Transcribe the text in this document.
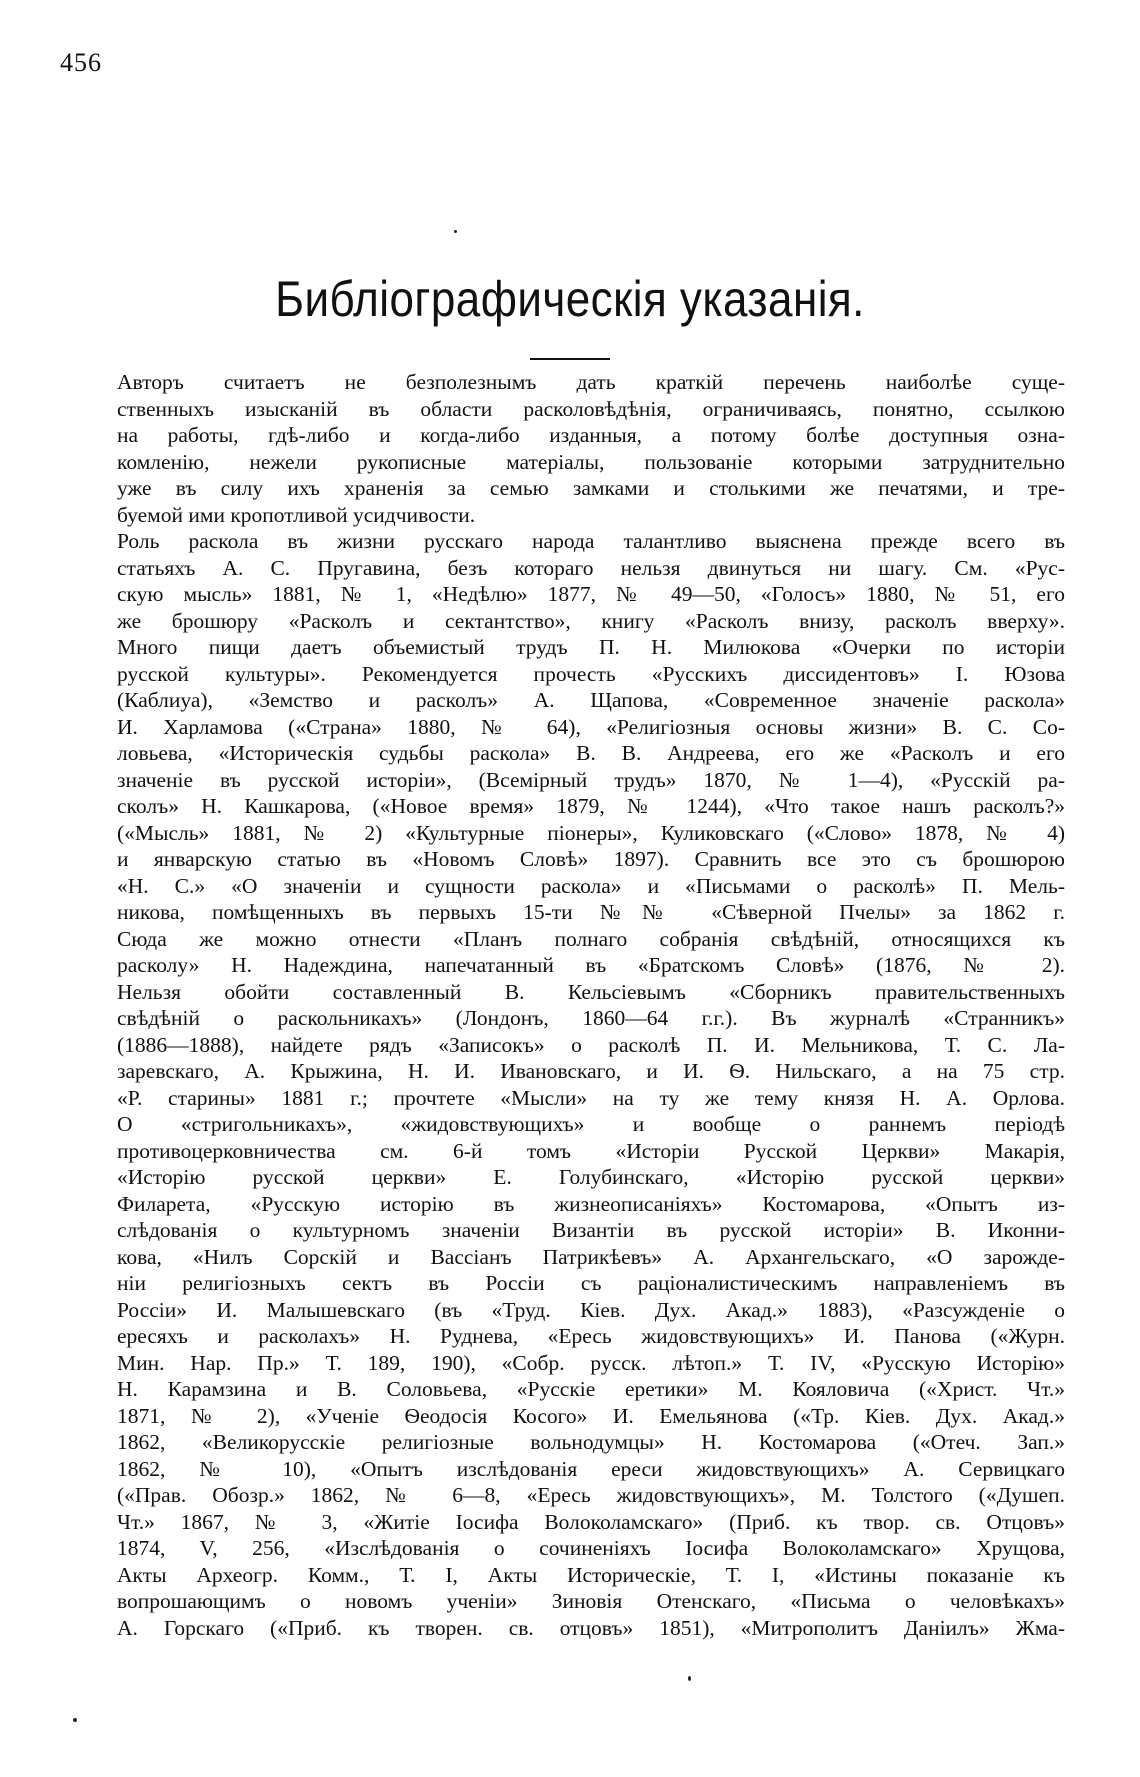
456
Библіографическія указанія.
Авторъ считаетъ не безполезнымъ дать краткій перечень наиболѣе суще-
ственныхъ изысканій въ области расколовѣдѣнія, ограничиваясь, понятно, ссылкою
на работы, гдѣ-либо и когда-либо изданныя, а потому болѣе доступныя озна-
комленію, нежели рукописные матеріалы, пользованіе которыми затруднительно
уже въ силу ихъ храненія за семью замками и столькими же печатями, и тре-
буемой ими кропотливой усидчивости.
Роль раскола въ жизни русскаго народа талантливо выяснена прежде всего въ
статьяхъ А. С. Пругавина, безъ котораго нельзя двинуться ни шагу. См. «Рус-
скую мысль» 1881, № 1, «Недѣлю» 1877, № 49—50, «Голосъ» 1880, № 51, его
же брошюру «Расколъ и сектантство», книгу «Расколъ внизу, расколъ вверху».
Много пищи даетъ объемистый трудъ П. Н. Милюкова «Очерки по исторіи
русской культуры». Рекомендуется прочесть «Русскихъ диссидентовъ» І. Юзова
(Каблиуа), «Земство и расколъ» А. Щапова, «Современное значеніе раскола»
И. Харламова («Страна» 1880, № 64), «Религіозныя основы жизни» В. С. Со-
ловьева, «Историческія судьбы раскола» В. В. Андреева, его же «Расколъ и его
значеніе въ русской исторіи», (Всемірный трудъ» 1870, № 1—4), «Русскій ра-
сколъ» Н. Кашкарова, («Новое время» 1879, № 1244), «Что такое нашъ расколъ?»
(«Мысль» 1881, № 2) «Культурные піонеры», Куликовскаго («Слово» 1878, № 4)
и январскую статью въ «Новомъ Словѣ» 1897). Сравнить все это съ брошюрою
«Н. С.» «О значеніи и сущности раскола» и «Письмами о расколѣ» П. Мель-
никова, помѣщенныхъ въ первыхъ 15-ти №№ «Сѣверной Пчелы» за 1862 г.
Сюда же можно отнести «Планъ полнаго собранія свѣдѣній, относящихся къ
расколу» Н. Надеждина, напечатанный въ «Братскомъ Словѣ» (1876, № 2).
Нельзя обойти составленный В. Кельсіевымъ «Сборникъ правительственныхъ
свѣдѣній о раскольникахъ» (Лондонъ, 1860—64 г.г.). Въ журналѣ «Странникъ»
(1886—1888), найдете рядъ «Записокъ» о расколѣ П. И. Мельникова, Т. С. Ла-
заревскаго, А. Крыжина, Н. И. Ивановскаго, и И. Ѳ. Нильскаго, а на 75 стр.
«Р. старины» 1881 г.; прочтете «Мысли» на ту же тему князя Н. А. Орлова.
О «стригольникахъ», «жидовствующихъ» и вообще о раннемъ періодѣ
противоцерковничества см. 6-й томъ «Исторіи Русской Церкви» Макарія,
«Исторію русской церкви» Е. Голубинскаго, «Исторію русской церкви»
Филарета, «Русскую исторію въ жизнеописаніяхъ» Костомарова, «Опытъ из-
слѣдованія о культурномъ значеніи Византіи въ русской исторіи» В. Иконни-
кова, «Нилъ Сорскій и Вассіанъ Патрикѣевъ» А. Архангельскаго, «О зарожде-
ніи религіозныхъ сектъ въ Россіи съ раціоналистическимъ направленіемъ въ
Россіи» И. Малышевскаго (въ «Труд. Кіев. Дух. Акад.» 1883), «Разсужденіе о
ересяхъ и расколахъ» Н. Руднева, «Ересь жидовствующихъ» И. Панова («Журн.
Мин. Нар. Пр.» Т. 189, 190), «Собр. русск. лѣтоп.» Т. IV, «Русскую Исторію»
Н. Карамзина и В. Соловьева, «Русскіе еретики» М. Кояловича («Христ. Чт.»
1871, № 2), «Ученіе Ѳеодосія Косого» И. Емельянова («Тр. Кіев. Дух. Акад.»
1862, «Великорусскіе религіозные вольнодумцы» Н. Костомарова («Отеч. Зап.»
1862, № 10), «Опытъ изслѣдованія ереси жидовствующихъ» А. Сервицкаго
(«Прав. Обозр.» 1862, № 6—8, «Ересь жидовствующихъ», М. Толстого («Душеп.
Чт.» 1867, № 3, «Житіе Іосифа Волоколамскаго» (Приб. къ твор. св. Отцовъ»
1874, V, 256, «Изслѣдованія о сочиненіяхъ Іосифа Волоколамскаго» Хрущова,
Акты Археогр. Комм., Т. I, Акты Историческіе, Т. I, «Истины показаніе къ
вопрошающимъ о новомъ ученіи» Зиновія Отенскаго, «Письма о человѣкахъ»
А. Горскаго («Приб. къ творен. св. отцовъ» 1851), «Митрополитъ Даніилъ» Жма-
